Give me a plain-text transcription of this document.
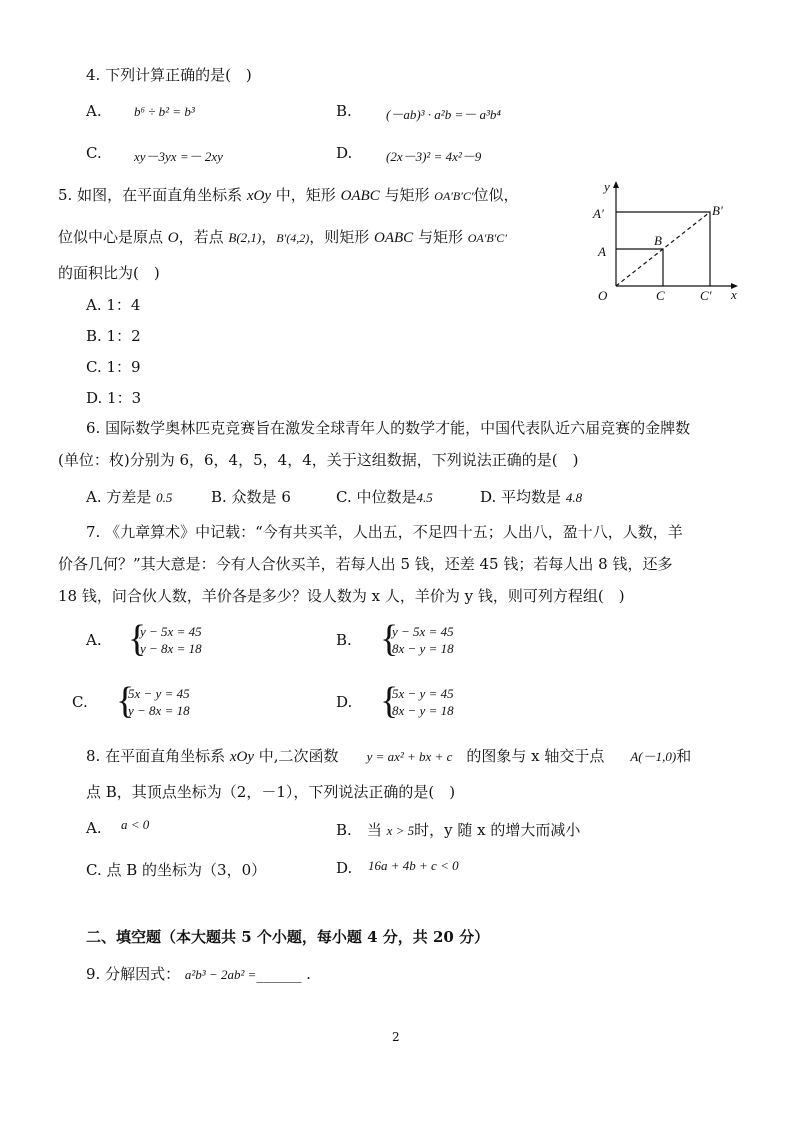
4. 下列计算正确的是(　)
A. b⁶ ÷ b² = b³	B.	(－ab)³ · a²b =－ a³b⁴
C. xy－3yx =－ 2xy	D.	(2x－3)² = 4x²－9
5. 如图，在平面直角坐标系 xOy 中，矩形 OABC 与矩形 OA′B′C′位似，
位似中心是原点 O，若点 B(2,1)，B′(4,2)，则矩形 OABC 与矩形 OA′B′C′
的面积比为(　)
A. 1：4
B. 1：2
C. 1：9
D. 1：3
y
x
O
A
A′
B
B′
C	C′
6. 国际数学奥林匹克竞赛旨在激发全球青年人的数学才能，中国代表队近六届竞赛的金牌数
(单位：枚)分别为 6，6，4，5，4，4，关于这组数据，下列说法正确的是(　)
A. 方差是 0.5	B. 众数是 6	C. 中位数是4.5	D. 平均数是 4.8
7. 《九章算术》中记载：“今有共买羊，人出五，不足四十五；人出八，盈十八，人数，羊
价各几何？”其大意是：今有人合伙买羊，若每人出 5 钱，还差 45 钱；若每人出 8 钱，还多
18 钱，问合伙人数，羊价各是多少？设人数为 x 人，羊价为 y 钱，则可列方程组(　)
A. {
y − 5x = 45
y − 8x = 18	B. {
y − 5x = 45
8x − y = 18
C. {
5x − y = 45
y − 8x = 18	D. {
5x − y = 45
8x − y = 18
8. 在平面直角坐标系 xOy 中,二次函数 y = ax² + bx + c 的图象与 x 轴交于点 A(－1,0)和
点 B，其顶点坐标为（2，－1），下列说法正确的是(　)
A. a < 0	B.　 当 x > 5时，y 随 x 的增大而减小
C. 点 B 的坐标为（3，0）	D. 16a + 4b + c < 0
二、填空题（本大题共 5 个小题，每小题 4 分，共 20 分）
9. 分解因式： a²b³ − 2ab² =______ .
2
